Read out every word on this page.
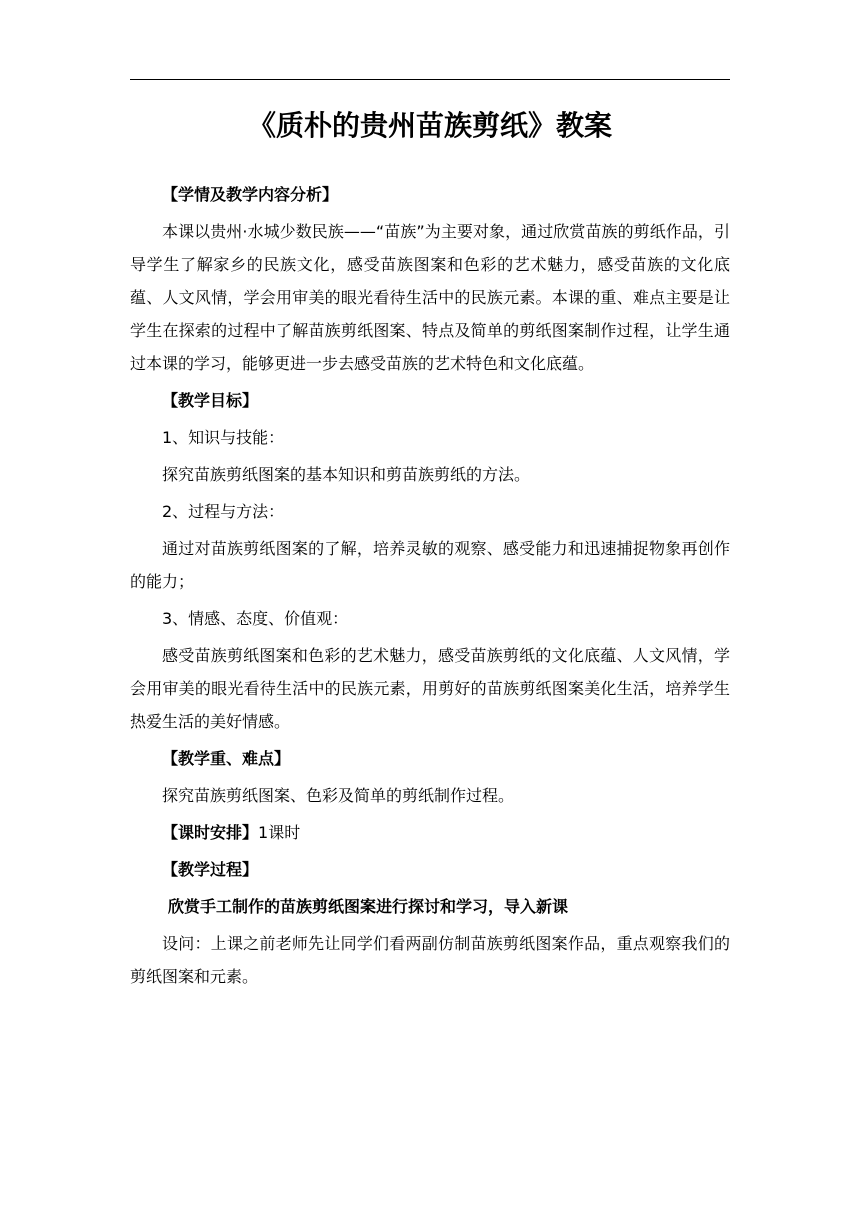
《质朴的贵州苗族剪纸》教案

【学情及教学内容分析】

本课以贵州·水城少数民族——“苗族”为主要对象，通过欣赏苗族的剪纸作品，引导学生了解家乡的民族文化，感受苗族图案和色彩的艺术魅力，感受苗族的文化底蕴、人文风情，学会用审美的眼光看待生活中的民族元素。本课的重、难点主要是让学生在探索的过程中了解苗族剪纸图案、特点及简单的剪纸图案制作过程，让学生通过本课的学习，能够更进一步去感受苗族的艺术特色和文化底蕴。

【教学目标】

1、知识与技能：

探究苗族剪纸图案的基本知识和剪苗族剪纸的方法。

2、过程与方法：

通过对苗族剪纸图案的了解，培养灵敏的观察、感受能力和迅速捕捉物象再创作的能力；

3、情感、态度、价值观：

感受苗族剪纸图案和色彩的艺术魅力，感受苗族剪纸的文化底蕴、人文风情，学会用审美的眼光看待生活中的民族元素，用剪好的苗族剪纸图案美化生活，培养学生热爱生活的美好情感。

【教学重、难点】

探究苗族剪纸图案、色彩及简单的剪纸制作过程。

【课时安排】1课时

【教学过程】

欣赏手工制作的苗族剪纸图案进行探讨和学习，导入新课

设问：上课之前老师先让同学们看两副仿制苗族剪纸图案作品，重点观察我们的剪纸图案和元素。
